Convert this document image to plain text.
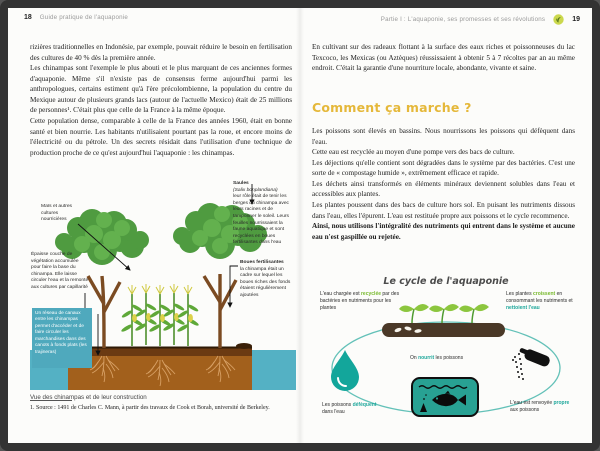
18 Guide pratique de l'aquaponie	Partie I : L'aquaponie, ses promesses et ses révolutions	19

rizières traditionnelles en Indonésie, par exemple, pouvait réduire le besoin en fertilisation des cultures de 40 % dès la première année.

Les chinampas sont l'exemple le plus abouti et le plus marquant de ces anciennes formes d'aquaponie. Même s'il n'existe pas de consensus ferme aujourd'hui parmi les anthropologues, certains estiment qu'à l'ère précolombienne, la population du centre du Mexique autour de plusieurs grands lacs (autour de l'actuelle Mexico) était de 25 millions de personnes¹. C'était plus que celle de la France à la même époque.

Cette population dense, comparable à celle de la France des années 1960, était en bonne santé et bien nourrie. Les habitants n'utilisaient pourtant pas la roue, et encore moins de l'électricité ou du pétrole. Un des secrets résidait dans l'utilisation d'une technique de production proche de ce qu'est aujourd'hui l'aquaponie : les chinampas.

Maïs et autres cultures nourricières
Épaisse couche de végétation accumulée pour faire la base du chinampa. Elle laisse circuler l'eau et la remonte aux cultures par capillarité
Saules
(Salix bonplandiana)
leur rôle était de tenir les berges du chinampa avec leurs racines et de tamponner le soleil. Leurs feuilles nourrissaient la faune aquatique et sont recyclées en boues fertilisantes dans l'eau
Boues fertilisantes
la chinampa était un cadre sur lequel les boues riches des fonds étaient régulièrement ajoutées
Un réseau de canaux entre les chinampas permet d'accéder et de faire circuler les marchandises dans des canots à fonds plats (les trajineras)
Vue des chinampas et de leur construction
1. Source : 1491 de Charles C. Mann, à partir des travaux de Cook et Borah, université de Berkeley.

En cultivant sur des radeaux flottant à la surface des eaux riches et poissonneuses du lac Texcoco, les Mexicas (ou Aztèques) réussissaient à obtenir 5 à 7 récoltes par an au même endroit. C'était la garantie d'une nourriture locale, abondante, vivante et saine.

Comment ça marche ?

Les poissons sont élevés en bassins. Nous nourrissons les poissons qui défèquent dans l'eau.

Cette eau est recyclée au moyen d'une pompe vers des bacs de culture.

Les déjections qu'elle contient sont dégradées dans le système par des bactéries. C'est une sorte de « compostage humide », extrêmement efficace et rapide.

Les déchets ainsi transformés en éléments minéraux deviennent solubles dans l'eau et accessibles aux plantes.

Les plantes poussent dans des bacs de culture hors sol. En puisant les nutriments dissous dans l'eau, elles l'épurent. L'eau est restituée propre aux poissons et le cycle recommence.

Ainsi, nous utilisons l'intégralité des nutriments qui entrent dans le système et aucune eau n'est gaspillée ou rejetée.

Le cycle de l'aquaponie
L'eau chargée est recyclée par des bactéries en nutriments pour les plantes
Les plantes croissent en consommant les nutriments et nettoient l'eau
On nourrit les poissons
Les poissons défèquent dans l'eau
L'eau est renvoyée propre aux poissons
